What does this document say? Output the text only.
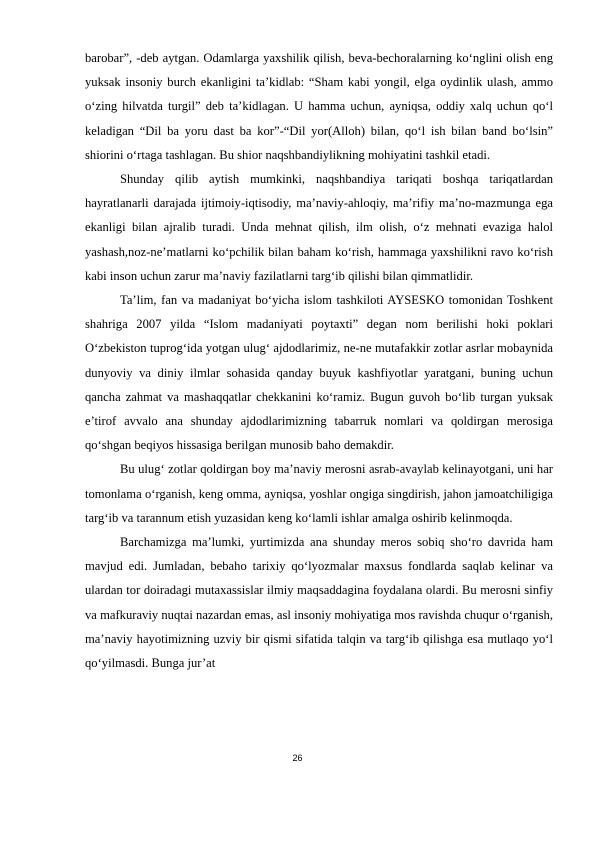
barobar”, -deb aytgan. Odamlarga yaxshilik qilish, beva-bechoralarning ko‘nglini olish eng yuksak insoniy burch ekanligini ta’kidlab: “Sham kabi yongil, elga oydinlik ulash, ammo o‘zing hilvatda turgil” deb ta’kidlagan. U hamma uchun, ayniqsa, oddiy xalq uchun qo‘l keladigan “Dil ba yoru dast ba kor”-“Dil yor(Alloh) bilan, qo‘l ish bilan band bo‘lsin” shiorini o‘rtaga tashlagan. Bu shior naqshbandiylikning mohiyatini tashkil etadi.

Shunday qilib aytish mumkinki, naqshbandiya tariqati boshqa tariqatlardan hayratlanarli darajada ijtimoiy-iqtisodiy, ma’naviy-ahloqiy, ma’rifiy ma’no-mazmunga ega ekanligi bilan ajralib turadi. Unda mehnat qilish, ilm olish, o‘z mehnati evaziga halol yashash,noz-ne’matlarni ko‘pchilik bilan baham ko‘rish, hammaga yaxshilikni ravo ko‘rish kabi inson uchun zarur ma’naviy fazilatlarni targ‘ib qilishi bilan qimmatlidir.

Ta’lim, fan va madaniyat bo‘yicha islom tashkiloti AYSESKO tomonidan Toshkent shahriga 2007 yilda “Islom madaniyati poytaxti” degan nom berilishi hoki poklari O‘zbekiston tuprog‘ida yotgan ulug‘ ajdodlarimiz, ne-ne mutafakkir zotlar asrlar mobaynida dunyoviy va diniy ilmlar sohasida qanday buyuk kashfiyotlar yaratgani, buning uchun qancha zahmat va mashaqqatlar chekkanini ko‘ramiz. Bugun guvoh bo‘lib turgan yuksak e’tirof avvalo ana shunday ajdodlarimizning tabarruk nomlari va qoldirgan merosiga qo‘shgan beqiyos hissasiga berilgan munosib baho demakdir.

Bu ulug‘ zotlar qoldirgan boy ma’naviy merosni asrab-avaylab kelinayotgani, uni har tomonlama o‘rganish, keng omma, ayniqsa, yoshlar ongiga singdirish, jahon jamoatchiligiga targ‘ib va tarannum etish yuzasidan keng ko‘lamli ishlar amalga oshirib kelinmoqda.

Barchamizga ma’lumki, yurtimizda ana shunday meros sobiq sho‘ro davrida ham mavjud edi. Jumladan, bebaho tarixiy qo‘lyozmalar maxsus fondlarda saqlab kelinar va ulardan tor doiradagi mutaxassislar ilmiy maqsaddagina foydalana olardi. Bu merosni sinfiy va mafkuraviy nuqtai nazardan emas, asl insoniy mohiyatiga mos ravishda chuqur o‘rganish, ma’naviy hayotimizning uzviy bir qismi sifatida talqin va targ‘ib qilishga esa mutlaqo yo‘l qo‘yilmasdi. Bunga jur’at

26
